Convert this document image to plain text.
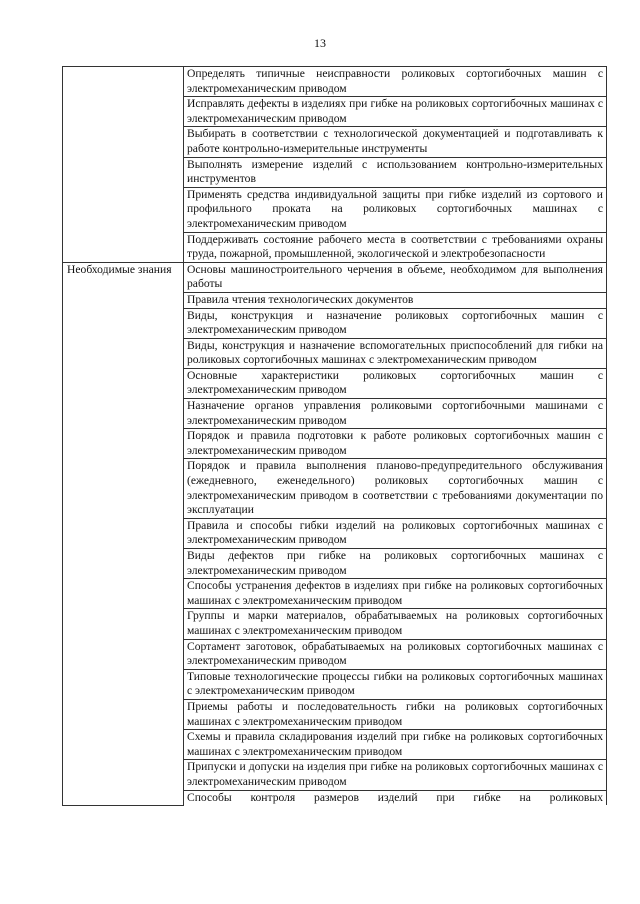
13
	Определять типичные неисправности роликовых сортогибочных машин с электромеханическим приводом
	Исправлять дефекты в изделиях при гибке на роликовых сортогибочных машинах с электромеханическим приводом
	Выбирать в соответствии с технологической документацией и подготавливать к работе контрольно-измерительные инструменты
	Выполнять измерение изделий с использованием контрольно-измерительных инструментов
	Применять средства индивидуальной защиты при гибке изделий из сортового и профильного проката на роликовых сортогибочных машинах с электромеханическим приводом
	Поддерживать состояние рабочего места в соответствии с требованиями охраны труда, пожарной, промышленной, экологической и электробезопасности
Необходимые знания	Основы машиностроительного черчения в объеме, необходимом для выполнения работы
	Правила чтения технологических документов
	Виды, конструкция и назначение роликовых сортогибочных машин с электромеханическим приводом
	Виды, конструкция и назначение вспомогательных приспособлений для гибки на роликовых сортогибочных машинах с электромеханическим приводом
	Основные характеристики роликовых сортогибочных машин с электромеханическим приводом
	Назначение органов управления роликовыми сортогибочными машинами с электромеханическим приводом
	Порядок и правила подготовки к работе роликовых сортогибочных машин с электромеханическим приводом
	Порядок и правила выполнения планово-предупредительного обслуживания (ежедневного, еженедельного) роликовых сортогибочных машин с электромеханическим приводом в соответствии с требованиями документации по эксплуатации
	Правила и способы гибки изделий на роликовых сортогибочных машинах с электромеханическим приводом
	Виды дефектов при гибке на роликовых сортогибочных машинах с электромеханическим приводом
	Способы устранения дефектов в изделиях при гибке на роликовых сортогибочных машинах с электромеханическим приводом
	Группы и марки материалов, обрабатываемых на роликовых сортогибочных машинах с электромеханическим приводом
	Сортамент заготовок, обрабатываемых на роликовых сортогибочных машинах с электромеханическим приводом
	Типовые технологические процессы гибки на роликовых сортогибочных машинах с электромеханическим приводом
	Приемы работы и последовательность гибки на роликовых сортогибочных машинах с электромеханическим приводом
	Схемы и правила складирования изделий при гибке на роликовых сортогибочных машинах с электромеханическим приводом
	Припуски и допуски на изделия при гибке на роликовых сортогибочных машинах с электромеханическим приводом
	Способы контроля размеров изделий при гибке на роликовых
